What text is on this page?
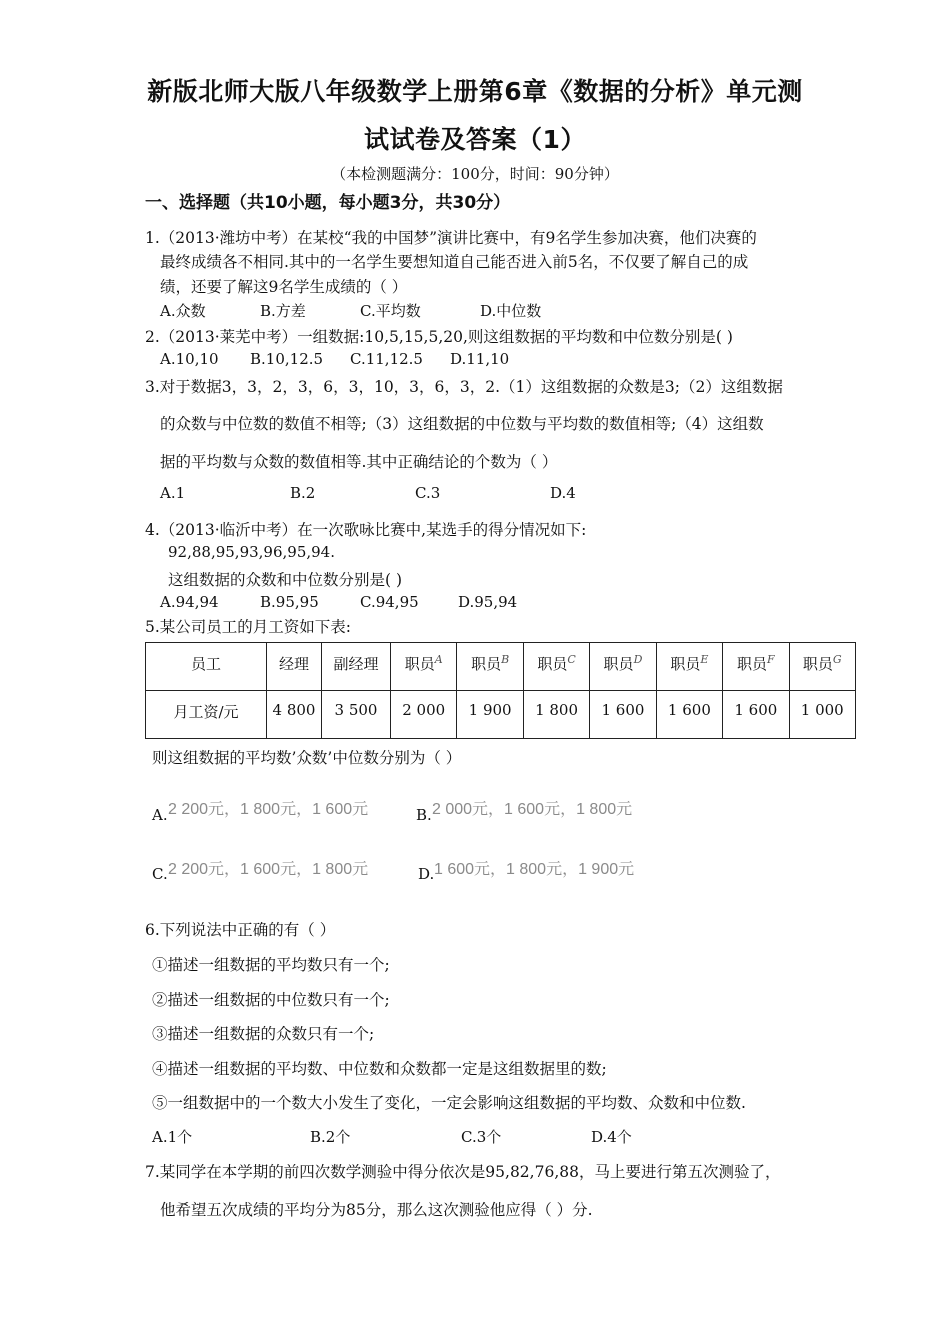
新版北师大版八年级数学上册第6章《数据的分析》单元测
试试卷及答案（1）
（本检测题满分：100分，时间：90分钟）
一、选择题（共10小题，每小题3分，共30分）
1.（2013·潍坊中考）在某校“我的中国梦”演讲比赛中，有9名学生参加决赛，他们决赛的
最终成绩各不相同.其中的一名学生要想知道自己能否进入前5名，不仅要了解自己的成
绩，还要了解这9名学生成绩的（ ）
A.众数	B.方差	C.平均数	D.中位数
2.（2013·莱芜中考）一组数据:10,5,15,5,20,则这组数据的平均数和中位数分别是( )
A.10,10 B.10,12.5 C.11,12.5 D.11,10
3.对于数据3，3，2，3，6，3，10，3，6，3，2.（1）这组数据的众数是3;（2）这组数据
的众数与中位数的数值不相等;（3）这组数据的中位数与平均数的数值相等;（4）这组数
据的平均数与众数的数值相等.其中正确结论的个数为（ ）
A.1	B.2	C.3	D.4
4.（2013·临沂中考）在一次歌咏比赛中,某选手的得分情况如下:
92,88,95,93,96,95,94.
这组数据的众数和中位数分别是( )
A.94,94	B.95,95	C.94,95	D.95,94
5.某公司员工的月工资如下表:
员工	经理	副经理	职员$^A$	职员$^B$	职员$^C$	职员$^D$	职员$^E$	职员$^F$	职员$^G$
月工资/元	4 800	3 500	2 000	1 900	1 800	1 600	1 600	1 600	1 000
则这组数据的平均数’众数’中位数分别为（ ）
A. 2 200元，1 800元，1 600元	B. 2 000元，1 600元，1 800元
C. 2 200元，1 600元，1 800元	D. 1 600元，1 800元，1 900元
6.下列说法中正确的有（ ）
①描述一组数据的平均数只有一个;
②描述一组数据的中位数只有一个;
③描述一组数据的众数只有一个;
④描述一组数据的平均数、中位数和众数都一定是这组数据里的数;
⑤一组数据中的一个数大小发生了变化，一定会影响这组数据的平均数、众数和中位数.
A.1个	B.2个	C.3个	D.4个
7.某同学在本学期的前四次数学测验中得分依次是95,82,76,88，马上要进行第五次测验了，
他希望五次成绩的平均分为85分，那么这次测验他应得（ ）分.
